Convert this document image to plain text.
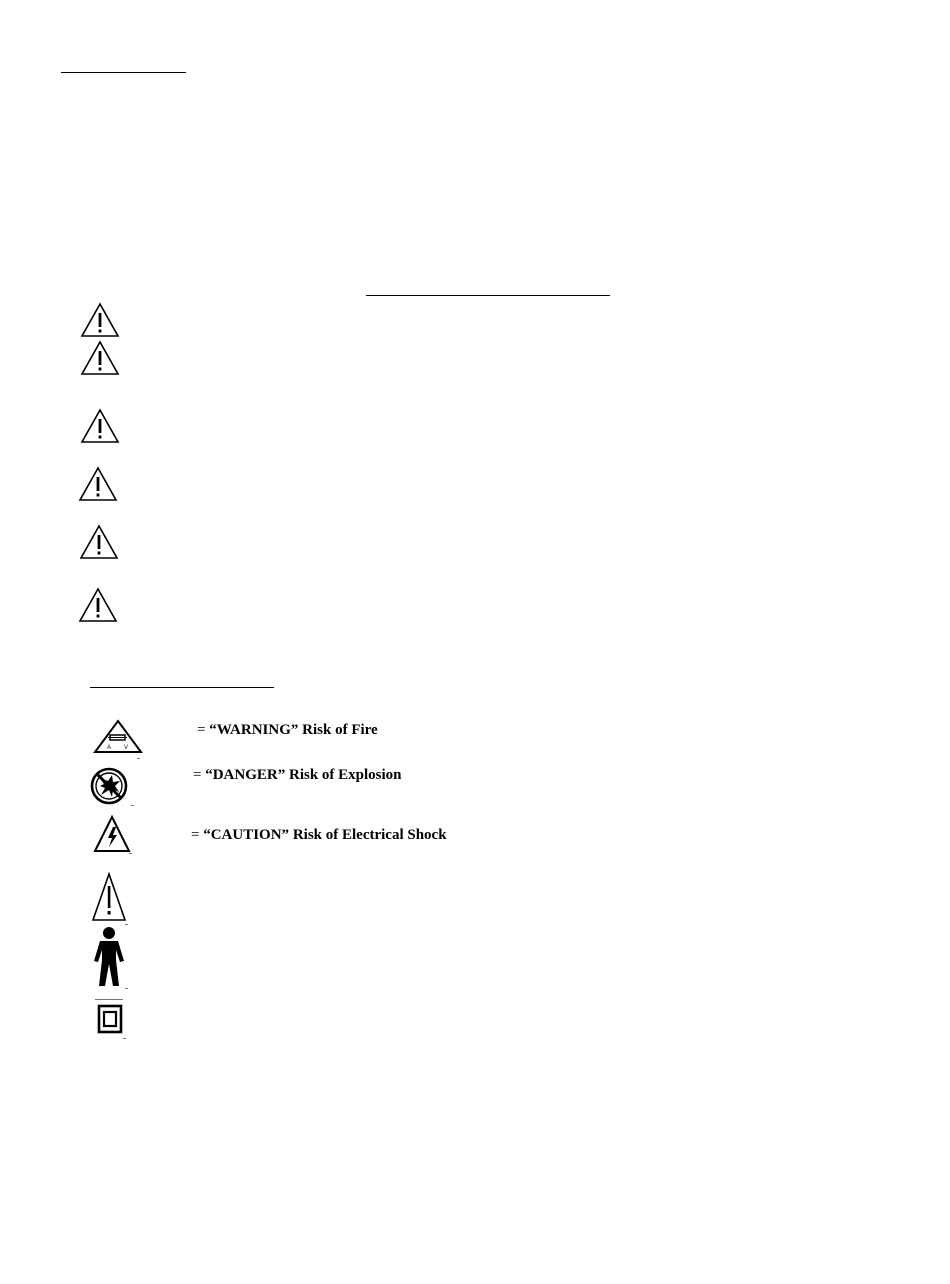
A V
= “WARNING” Risk of Fire
= “DANGER” Risk of Explosion
= “CAUTION” Risk of Electrical Shock
